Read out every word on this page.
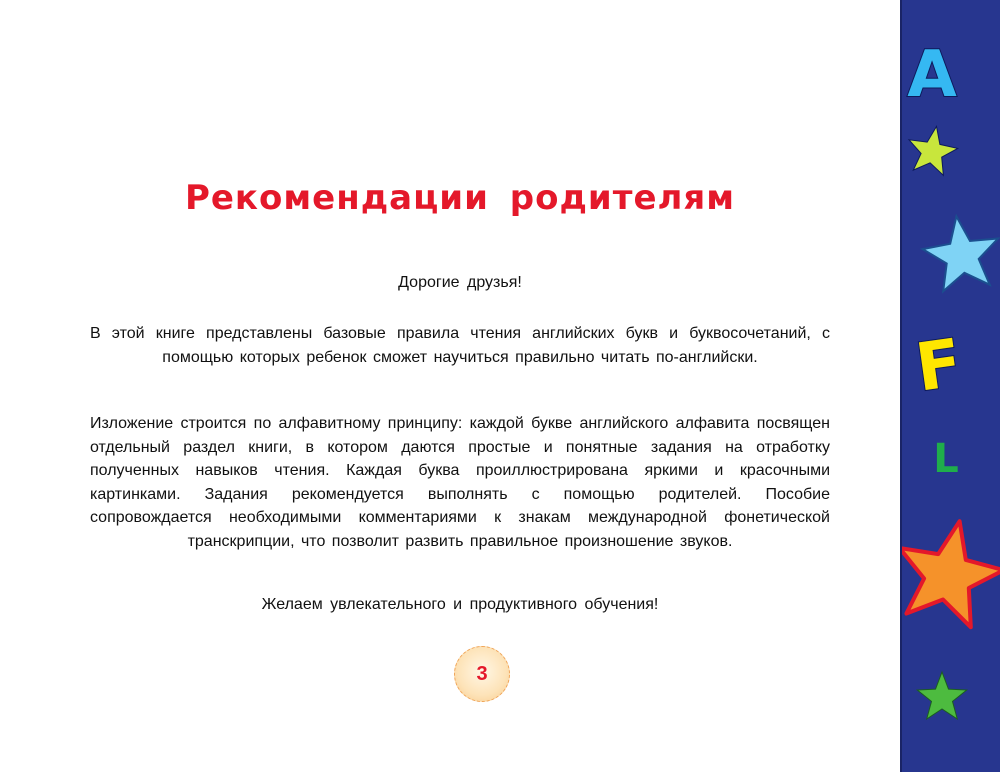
Рекомендации родителям

Дорогие друзья!

В этой книге представлены базовые правила чтения английских букв и буквосочетаний, с помощью которых ребенок сможет научиться правильно читать по-английски.

Изложение строится по алфавитному принципу: каждой букве английского алфавита посвящен отдельный раздел книги, в котором даются простые и понятные задания на отработку полученных навыков чтения. Каждая буква проиллюстрирована яркими и красочными картинками. Задания рекомендуется выполнять с помощью родителей. Пособие сопровождается необходимыми комментариями к знакам международной фонетической транскрипции, что позволит развить правильное произношение звуков.

Желаем увлекательного и продуктивного обучения!

3
A
F
L
